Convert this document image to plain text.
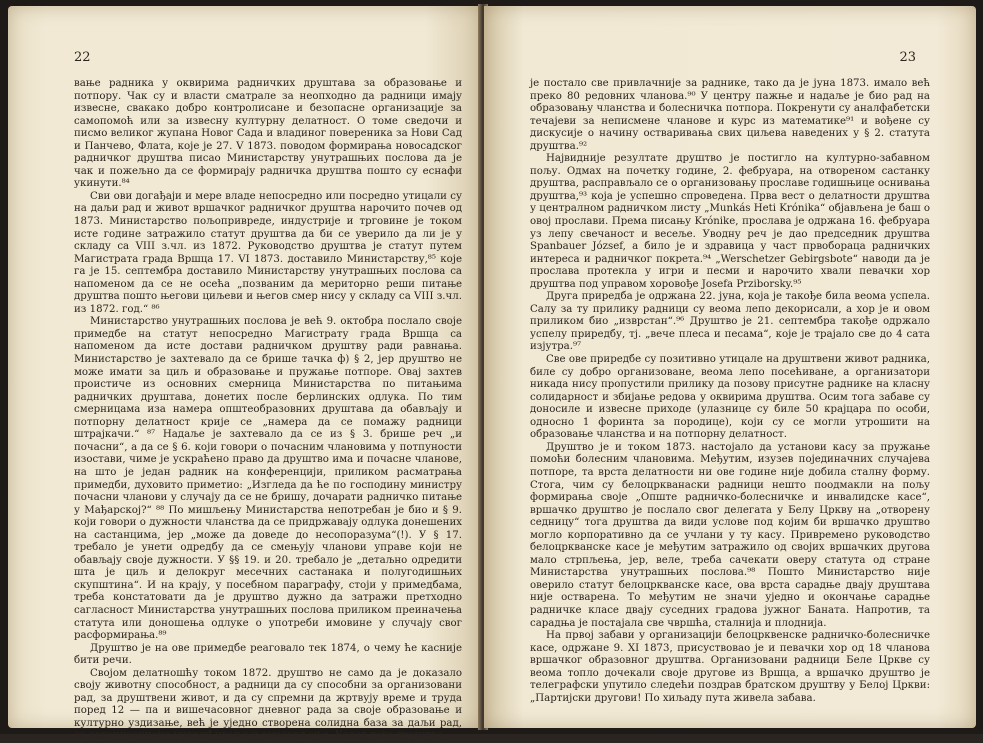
22

вање радника у оквирима радничких друштава за образовање и потпору. Чак су и власти сматрале за неопходно да радници имају извесне, свакако добро контролисане и безопасне организације за самопомоћ или за извесну културну делатност. О томе сведочи и писмо великог жупана Новог Сада и владиног повереника за Нови Сад и Панчево, Флата, које је 27. V 1873. поводом формирања новосадског радничког друштва писао Министарству унутрашњих послова да је чак и пожељно да се формирају радничка друштва пошто су еснафи укинути.⁸⁴

Сви ови догађаји и мере владе непосредно или посредно утицали су на даљи рад и живот вршачког радничког друштва нарочито почев од 1873. Министарство пољопривреде, индустрије и трговине је током исте године затражило статут друштва да би се уверило да ли је у складу са VIII з.чл. из 1872. Руководство друштва је статут путем Магистрата града Вршца 17. VI 1873. доставило Министарству,⁸⁵ које га је 15. септембра доставило Министарству унутрашњих послова са напоменом да се не осећа „позваним да мериторно реши питање друштва пошто његови циљеви и његов смер нису у складу са VIII з.чл. из 1872. год.“ ⁸⁶

Министарство унутрашњих послова је већ 9. октобра послало своје примедбе на статут непосредно Магистрату града Вршца са напоменом да исте достави радничком друштву ради равнања. Министарство је захтевало да се брише тачка ф) § 2, јер друштво не може имати за циљ и образовање и пружање потпоре. Овај захтев проистиче из основних смерница Министарства по питањима радничких друштава, донетих после берлинских одлука. По тим смерницама иза намера општеобразовних друштава да обављају и потпорну делатност крије се „намера да се помажу радници штрајкачи.“ ⁸⁷ Надаље је захтевало да се из § 3. брише реч „и почасни“, а да се § 6. који говори о почасним члановима у потпуности изостави, чиме је ускраћено право да друштво има и почасне чланове, на што је један радник на конференцији, приликом расматрања примедби, духовито приметио: „Изгледа да ће по господину министру почасни чланови у случају да се не бришу, дочарати радничко питање у Мађарској?“ ⁸⁸ По мишљењу Министарства непотребан је био и § 9. који говори о дужности чланства да се придржавају одлука донешених на састанцима, јер „може да доведе до несопоразума“(!). У § 17. требало је унети одредбу да се смењују чланови управе који не обављају своје дужности. У §§ 19. и 20. требало је „детаљно одредити шта је циљ и делокруг месечних састанака и полугодишњих скупштина“. И на крају, у посебном параграфу, стоји у примедбама, треба констатовати да је друштво дужно да затражи претходно сагласност Министарства унутрашњих послова приликом преиначења статута или доношења одлуке о употреби имовине у случају свог расформирања.⁸⁹

Друштво је на ове примедбе реаговало тек 1874, о чему ће касније бити речи.

Својом делатношћу током 1872. друштво не само да је доказало своју животну способност, а радници да су способни за организовани рад, за друштвени живот, и да су спремни да жртвују време и труда поред 12 — па и вишечасовног дневног рада за своје образовање и културно уздизање, већ је уједно створена солидна база за даљи рад, за организационо учвршћивање и омасовљење. Услед тога друштво

23

је постало све привлачније за раднике, тако да је јуна 1873. имало већ преко 80 редовних чланова.⁹⁰ У центру пажње и надаље је био рад на образовању чланства и болесничка потпора. Покренути су аналфабетски течајеви за неписмене чланове и курс из математике⁹¹ и вођене су дискусије о начину остваривања свих циљева наведених у § 2. статута друштва.⁹²

Највидније резултате друштво је постигло на културно-забавном пољу. Одмах на почетку године, 2. фебруара, на отвореном састанку друштва, расправљало се о организовању прославе годишњице оснивања друштва,⁹³ која је успешно спроведена. Прва вест о делатности друштва у централном радничком листу „Munkás Heti Krónika“ објављена је баш о овој прослави. Према писању Krónike, прослава је одржана 16. фебруара уз лепу свечаност и весеље. Уводну реч је дао председник друштва Spanbauer József, а било је и здравица у част првобораца радничких интереса и радничког покрета.⁹⁴ „Werschetzer Gebirgsbote“ наводи да је прослава протекла у игри и песми и нарочито хвали певачки хор друштва под управом хоровође Josefa Prziborsky.⁹⁵

Друга приредба је одржана 22. јуна, која је такође била веома успела. Салу за ту прилику радници су веома лепо декорисали, а хор је и овом приликом био „изврстан“.⁹⁶ Друштво је 21. септембра такође одржало успелу приредбу, тј. „вече плеса и песама“, које је трајало све до 4 сата изјутра.⁹⁷

Све ове приредбе су позитивно утицале на друштвени живот радника, биле су добро организоване, веома лепо посећиване, а организатори никада нису пропустили прилику да позову присутне раднике на класну солидарност и збијање редова у оквирима друштва. Осим тога забаве су доносиле и извесне приходе (улазнице су биле 50 крајцара по особи, односно 1 форинта за породице), који су се могли утрошити на образовање чланства и на потпорну делатност.

Друштво је и током 1873. настојало да установи касу за пружање помоћи болесним члановима. Међутим, изузев појединачних случајева потпоре, та врста делатности ни ове године није добила сталну форму. Стога, чим су белоцркванаски радници нешто поодмакли на пољу формирања своје „Опште радничко-болесничке и инвалидске касе“, вршачко друштво је послало свог делегата у Белу Цркву на „отворену седницу“ тога друштва да види услове под којим би вршачко друштво могло корпоративно да се учлани у ту касу. Привремено руководство белоцркванске касе је међутим затражило од својих вршачких другова мало стрпљења, јер, веле, треба сачекати оверу статута од стране Министарства унутрашњих послова.⁹⁸ Пошто Министарство није оверило статут белоцркванске касе, ова врста сарадње двају друштава није остварена. То међутим не значи уједно и окончање сарадње радничке класе двају суседних градова јужног Баната. Напротив, та сарадња је постајала све чвршћа, сталнија и плоднија.

На првој забави у организацији белоцрквенске радничко-болесничке касе, одржане 9. XI 1873, присуствовао је и певачки хор од 18 чланова вршачког образовног друштва. Организовани радници Беле Цркве су веома топло дочекали своје другове из Вршца, а вршачко друштво је телеграфски упутило следећи поздрав братском друштву у Белој Цркви: „Партијски другови! По хиљаду пута живела забава.
